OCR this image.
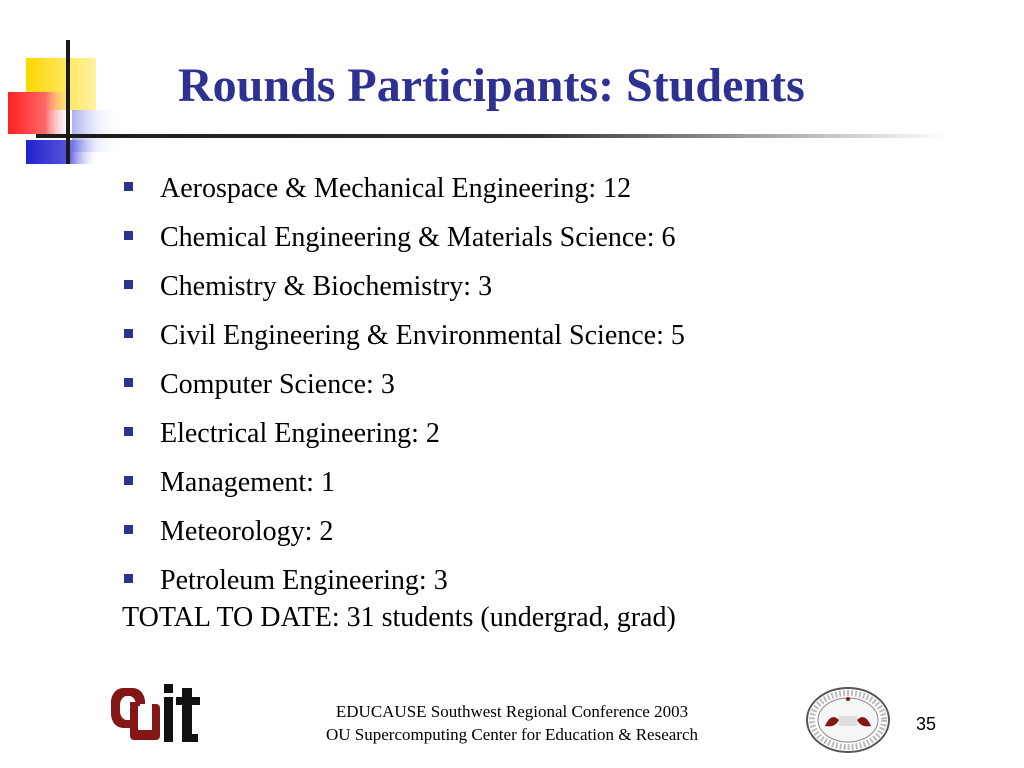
Rounds Participants: Students
Aerospace & Mechanical Engineering: 12
Chemical Engineering & Materials Science: 6
Chemistry & Biochemistry: 3
Civil Engineering & Environmental Science: 5
Computer Science: 3
Electrical Engineering: 2
Management: 1
Meteorology: 2
Petroleum Engineering: 3

TOTAL TO DATE: 31 students (undergrad, grad)

EDUCAUSE Southwest Regional Conference 2003
OU Supercomputing Center for Education & Research
35
